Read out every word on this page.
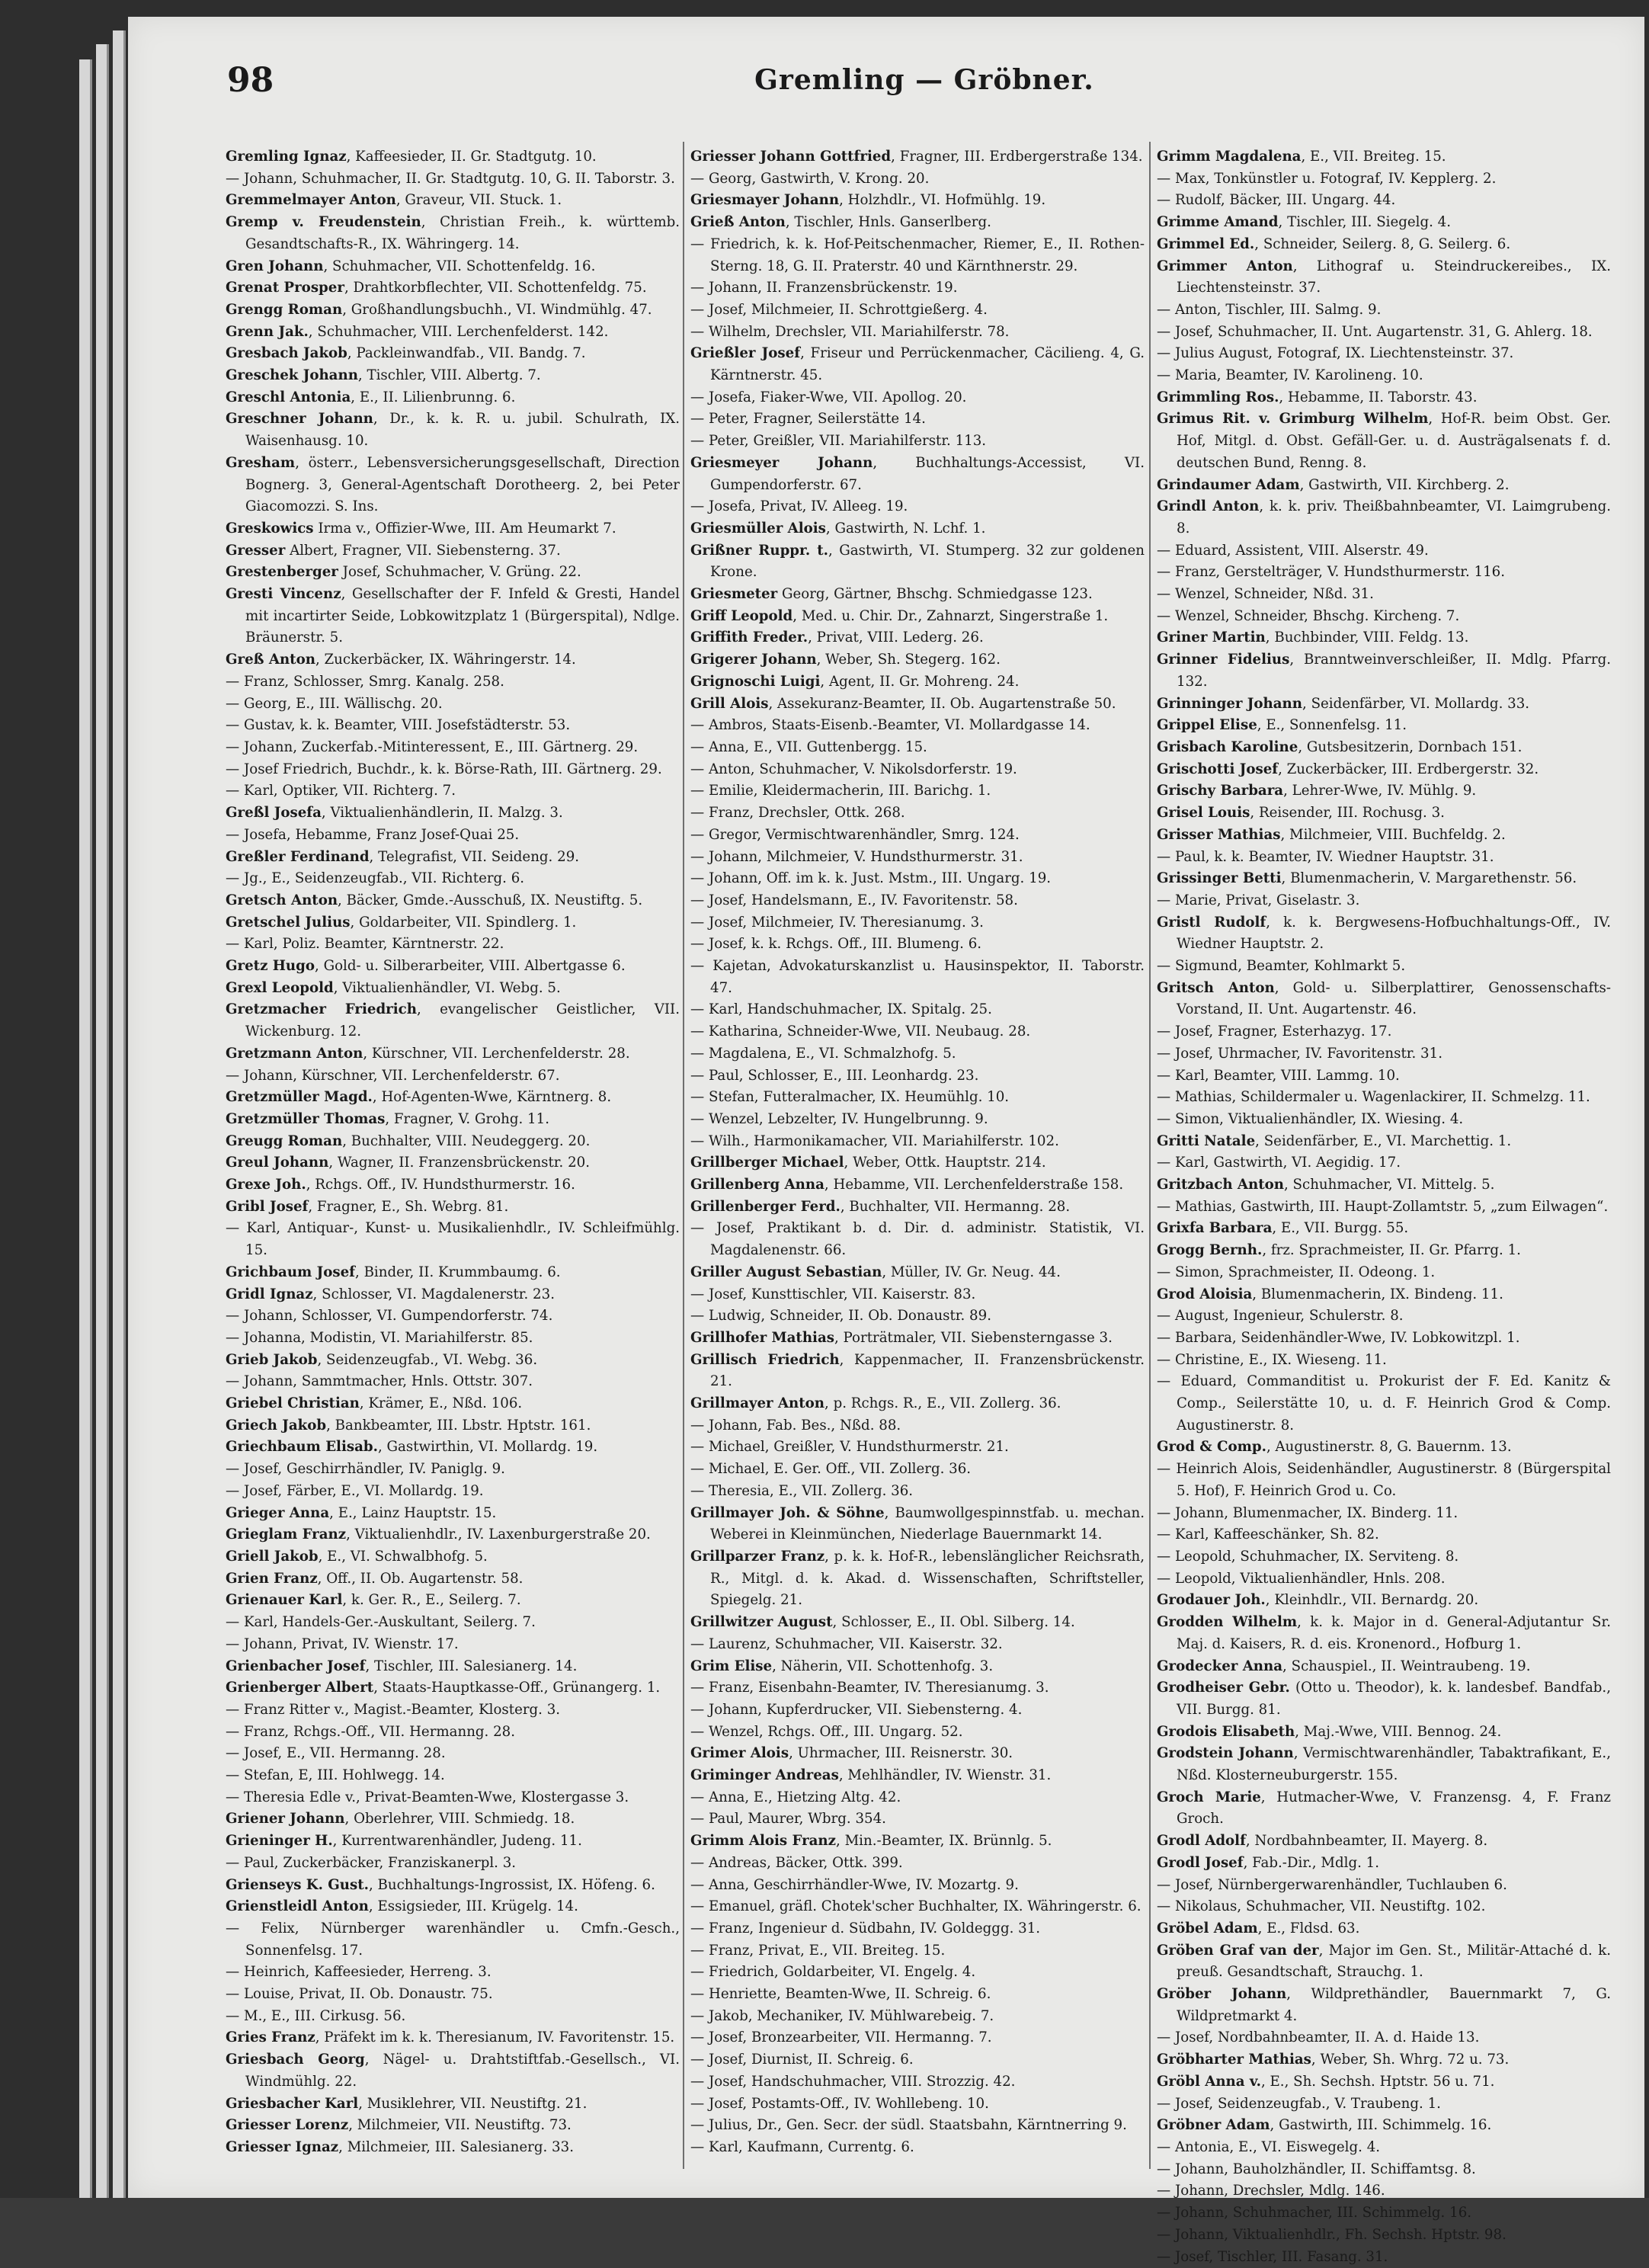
98	Gremling — Gröbner.

Gremling Ignaz, Kaffeesieder, II. Gr. Stadtgutg. 10.

— Johann, Schuhmacher, II. Gr. Stadtgutg. 10, G. II. Taborstr. 3.

Gremmelmayer Anton, Graveur, VII. Stuck. 1.

Gremp v. Freudenstein, Christian Freih., k. württemb. Gesandtschafts-R., IX. Währingerg. 14.

Gren Johann, Schuhmacher, VII. Schottenfeldg. 16.

Grenat Prosper, Drahtkorbflechter, VII. Schottenfeldg. 75.

Grengg Roman, Großhandlungsbuchh., VI. Windmühlg. 47.

Grenn Jak., Schuhmacher, VIII. Lerchenfelderst. 142.

Gresbach Jakob, Packleinwandfab., VII. Bandg. 7.

Greschek Johann, Tischler, VIII. Albertg. 7.

Greschl Antonia, E., II. Lilienbrunng. 6.

Greschner Johann, Dr., k. k. R. u. jubil. Schulrath, IX. Waisenhausg. 10.

Gresham, österr., Lebensversicherungsgesellschaft, Direction Bognerg. 3, General-Agentschaft Dorotheerg. 2, bei Peter Giacomozzi. S. Ins.

Greskowics Irma v., Offizier-Wwe, III. Am Heumarkt 7.

Gresser Albert, Fragner, VII. Siebensterng. 37.

Grestenberger Josef, Schuhmacher, V. Grüng. 22.

Gresti Vincenz, Gesellschafter der F. Infeld & Gresti, Handel mit incartirter Seide, Lobkowitzplatz 1 (Bürgerspital), Ndlge. Bräunerstr. 5.

Greß Anton, Zuckerbäcker, IX. Währingerstr. 14.

— Franz, Schlosser, Smrg. Kanalg. 258.

— Georg, E., III. Wällischg. 20.

— Gustav, k. k. Beamter, VIII. Josefstädterstr. 53.

— Johann, Zuckerfab.-Mitinteressent, E., III. Gärtnerg. 29.

— Josef Friedrich, Buchdr., k. k. Börse-Rath, III. Gärtnerg. 29.

— Karl, Optiker, VII. Richterg. 7.

Greßl Josefa, Viktualienhändlerin, II. Malzg. 3.

— Josefa, Hebamme, Franz Josef-Quai 25.

Greßler Ferdinand, Telegrafist, VII. Seideng. 29.

— Jg., E., Seidenzeugfab., VII. Richterg. 6.

Gretsch Anton, Bäcker, Gmde.-Ausschuß, IX. Neustiftg. 5.

Gretschel Julius, Goldarbeiter, VII. Spindlerg. 1.

— Karl, Poliz. Beamter, Kärntnerstr. 22.

Gretz Hugo, Gold- u. Silberarbeiter, VIII. Albertgasse 6.

Grexl Leopold, Viktualienhändler, VI. Webg. 5.

Gretzmacher Friedrich, evangelischer Geistlicher, VII. Wickenburg. 12.

Gretzmann Anton, Kürschner, VII. Lerchenfelderstr. 28.

— Johann, Kürschner, VII. Lerchenfelderstr. 67.

Gretzmüller Magd., Hof-Agenten-Wwe, Kärntnerg. 8.

Gretzmüller Thomas, Fragner, V. Grohg. 11.

Greugg Roman, Buchhalter, VIII. Neudeggerg. 20.

Greul Johann, Wagner, II. Franzensbrückenstr. 20.

Grexe Joh., Rchgs. Off., IV. Hundsthurmerstr. 16.

Gribl Josef, Fragner, E., Sh. Webrg. 81.

— Karl, Antiquar-, Kunst- u. Musikalienhdlr., IV. Schleifmühlg. 15.

Grichbaum Josef, Binder, II. Krummbaumg. 6.

Gridl Ignaz, Schlosser, VI. Magdalenerstr. 23.

— Johann, Schlosser, VI. Gumpendorferstr. 74.

— Johanna, Modistin, VI. Mariahilferstr. 85.

Grieb Jakob, Seidenzeugfab., VI. Webg. 36.

— Johann, Sammtmacher, Hnls. Ottstr. 307.

Griebel Christian, Krämer, E., Nßd. 106.

Griech Jakob, Bankbeamter, III. Lbstr. Hptstr. 161.

Griechbaum Elisab., Gastwirthin, VI. Mollardg. 19.

— Josef, Geschirrhändler, IV. Paniglg. 9.

— Josef, Färber, E., VI. Mollardg. 19.

Grieger Anna, E., Lainz Hauptstr. 15.

Grieglam Franz, Viktualienhdlr., IV. Laxenburgerstraße 20.

Griell Jakob, E., VI. Schwalbhofg. 5.

Grien Franz, Off., II. Ob. Augartenstr. 58.

Grienauer Karl, k. Ger. R., E., Seilerg. 7.

— Karl, Handels-Ger.-Auskultant, Seilerg. 7.

— Johann, Privat, IV. Wienstr. 17.

Grienbacher Josef, Tischler, III. Salesianerg. 14.

Grienberger Albert, Staats-Hauptkasse-Off., Grünangerg. 1.

— Franz Ritter v., Magist.-Beamter, Klosterg. 3.

— Franz, Rchgs.-Off., VII. Hermanng. 28.

— Josef, E., VII. Hermanng. 28.

— Stefan, E, III. Hohlwegg. 14.

— Theresia Edle v., Privat-Beamten-Wwe, Klostergasse 3.

Griener Johann, Oberlehrer, VIII. Schmiedg. 18.

Grieninger H., Kurrentwarenhändler, Judeng. 11.

— Paul, Zuckerbäcker, Franziskanerpl. 3.

Grienseys K. Gust., Buchhaltungs-Ingrossist, IX. Höfeng. 6.

Grienstleidl Anton, Essigsieder, III. Krügelg. 14.

— Felix, Nürnberger warenhändler u. Cmfn.-Gesch., Sonnenfelsg. 17.

— Heinrich, Kaffeesieder, Herreng. 3.

— Louise, Privat, II. Ob. Donaustr. 75.

— M., E., III. Cirkusg. 56.

Gries Franz, Präfekt im k. k. Theresianum, IV. Favoritenstr. 15.

Griesbach Georg, Nägel- u. Drahtstiftfab.-Gesellsch., VI. Windmühlg. 22.

Griesbacher Karl, Musiklehrer, VII. Neustiftg. 21.

Griesser Lorenz, Milchmeier, VII. Neustiftg. 73.

Griesser Ignaz, Milchmeier, III. Salesianerg. 33.

Griesser Johann Gottfried, Fragner, III. Erdbergerstraße 134.

— Georg, Gastwirth, V. Krong. 20.

Griesmayer Johann, Holzhdlr., VI. Hofmühlg. 19.

Grieß Anton, Tischler, Hnls. Ganserlberg.

— Friedrich, k. k. Hof-Peitschenmacher, Riemer, E., II. Rothen-Sterng. 18, G. II. Praterstr. 40 und Kärnthnerstr. 29.

— Johann, II. Franzensbrückenstr. 19.

— Josef, Milchmeier, II. Schrottgießerg. 4.

— Wilhelm, Drechsler, VII. Mariahilferstr. 78.

Grießler Josef, Friseur und Perrückenmacher, Cäcilieng. 4, G. Kärntnerstr. 45.

— Josefa, Fiaker-Wwe, VII. Apollog. 20.

— Peter, Fragner, Seilerstätte 14.

— Peter, Greißler, VII. Mariahilferstr. 113.

Griesmeyer Johann, Buchhaltungs-Accessist, VI. Gumpendorferstr. 67.

— Josefa, Privat, IV. Alleeg. 19.

Griesmüller Alois, Gastwirth, N. Lchf. 1.

Grißner Ruppr. t., Gastwirth, VI. Stumperg. 32 zur goldenen Krone.

Griesmeter Georg, Gärtner, Bhschg. Schmiedgasse 123.

Griff Leopold, Med. u. Chir. Dr., Zahnarzt, Singerstraße 1.

Griffith Freder., Privat, VIII. Lederg. 26.

Grigerer Johann, Weber, Sh. Stegerg. 162.

Grignoschi Luigi, Agent, II. Gr. Mohreng. 24.

Grill Alois, Assekuranz-Beamter, II. Ob. Augartenstraße 50.

— Ambros, Staats-Eisenb.-Beamter, VI. Mollardgasse 14.

— Anna, E., VII. Guttenbergg. 15.

— Anton, Schuhmacher, V. Nikolsdorferstr. 19.

— Emilie, Kleidermacherin, III. Barichg. 1.

— Franz, Drechsler, Ottk. 268.

— Gregor, Vermischtwarenhändler, Smrg. 124.

— Johann, Milchmeier, V. Hundsthurmerstr. 31.

— Johann, Off. im k. k. Just. Mstm., III. Ungarg. 19.

— Josef, Handelsmann, E., IV. Favoritenstr. 58.

— Josef, Milchmeier, IV. Theresianumg. 3.

— Josef, k. k. Rchgs. Off., III. Blumeng. 6.

— Kajetan, Advokaturskanzlist u. Hausinspektor, II. Taborstr. 47.

— Karl, Handschuhmacher, IX. Spitalg. 25.

— Katharina, Schneider-Wwe, VII. Neubaug. 28.

— Magdalena, E., VI. Schmalzhofg. 5.

— Paul, Schlosser, E., III. Leonhardg. 23.

— Stefan, Futteralmacher, IX. Heumühlg. 10.

— Wenzel, Lebzelter, IV. Hungelbrunng. 9.

— Wilh., Harmonikamacher, VII. Mariahilferstr. 102.

Grillberger Michael, Weber, Ottk. Hauptstr. 214.

Grillenberg Anna, Hebamme, VII. Lerchenfelderstraße 158.

Grillenberger Ferd., Buchhalter, VII. Hermanng. 28.

— Josef, Praktikant b. d. Dir. d. administr. Statistik, VI. Magdalenenstr. 66.

Griller August Sebastian, Müller, IV. Gr. Neug. 44.

— Josef, Kunsttischler, VII. Kaiserstr. 83.

— Ludwig, Schneider, II. Ob. Donaustr. 89.

Grillhofer Mathias, Porträtmaler, VII. Siebensterngasse 3.

Grillisch Friedrich, Kappenmacher, II. Franzensbrückenstr. 21.

Grillmayer Anton, p. Rchgs. R., E., VII. Zollerg. 36.

— Johann, Fab. Bes., Nßd. 88.

— Michael, Greißler, V. Hundsthurmerstr. 21.

— Michael, E. Ger. Off., VII. Zollerg. 36.

— Theresia, E., VII. Zollerg. 36.

Grillmayer Joh. & Söhne, Baumwollgespinnstfab. u. mechan. Weberei in Kleinmünchen, Niederlage Bauernmarkt 14.

Grillparzer Franz, p. k. k. Hof-R., lebenslänglicher Reichsrath, R., Mitgl. d. k. Akad. d. Wissenschaften, Schriftsteller, Spiegelg. 21.

Grillwitzer August, Schlosser, E., II. Obl. Silberg. 14.

— Laurenz, Schuhmacher, VII. Kaiserstr. 32.

Grim Elise, Näherin, VII. Schottenhofg. 3.

— Franz, Eisenbahn-Beamter, IV. Theresianumg. 3.

— Johann, Kupferdrucker, VII. Siebensterng. 4.

— Wenzel, Rchgs. Off., III. Ungarg. 52.

Grimer Alois, Uhrmacher, III. Reisnerstr. 30.

Griminger Andreas, Mehlhändler, IV. Wienstr. 31.

— Anna, E., Hietzing Altg. 42.

— Paul, Maurer, Wbrg. 354.

Grimm Alois Franz, Min.-Beamter, IX. Brünnlg. 5.

— Andreas, Bäcker, Ottk. 399.

— Anna, Geschirrhändler-Wwe, IV. Mozartg. 9.

— Emanuel, gräfl. Chotek'scher Buchhalter, IX. Währingerstr. 6.

— Franz, Ingenieur d. Südbahn, IV. Goldeggg. 31.

— Franz, Privat, E., VII. Breiteg. 15.

— Friedrich, Goldarbeiter, VI. Engelg. 4.

— Henriette, Beamten-Wwe, II. Schreig. 6.

— Jakob, Mechaniker, IV. Mühlwarebeig. 7.

— Josef, Bronzearbeiter, VII. Hermanng. 7.

— Josef, Diurnist, II. Schreig. 6.

— Josef, Handschuhmacher, VIII. Strozzig. 42.

— Josef, Postamts-Off., IV. Wohllebeng. 10.

— Julius, Dr., Gen. Secr. der südl. Staatsbahn, Kärntnerring 9.

— Karl, Kaufmann, Currentg. 6.

Grimm Magdalena, E., VII. Breiteg. 15.

— Max, Tonkünstler u. Fotograf, IV. Kepplerg. 2.

— Rudolf, Bäcker, III. Ungarg. 44.

Grimme Amand, Tischler, III. Siegelg. 4.

Grimmel Ed., Schneider, Seilerg. 8, G. Seilerg. 6.

Grimmer Anton, Lithograf u. Steindruckereibes., IX. Liechtensteinstr. 37.

— Anton, Tischler, III. Salmg. 9.

— Josef, Schuhmacher, II. Unt. Augartenstr. 31, G. Ahlerg. 18.

— Julius August, Fotograf, IX. Liechtensteinstr. 37.

— Maria, Beamter, IV. Karolineng. 10.

Grimmling Ros., Hebamme, II. Taborstr. 43.

Grimus Rit. v. Grimburg Wilhelm, Hof-R. beim Obst. Ger. Hof, Mitgl. d. Obst. Gefäll-Ger. u. d. Austrägalsenats f. d. deutschen Bund, Renng. 8.

Grindaumer Adam, Gastwirth, VII. Kirchberg. 2.

Grindl Anton, k. k. priv. Theißbahnbeamter, VI. Laimgrubeng. 8.

— Eduard, Assistent, VIII. Alserstr. 49.

— Franz, Gerstelträger, V. Hundsthurmerstr. 116.

— Wenzel, Schneider, Nßd. 31.

— Wenzel, Schneider, Bhschg. Kircheng. 7.

Griner Martin, Buchbinder, VIII. Feldg. 13.

Grinner Fidelius, Branntweinverschleißer, II. Mdlg. Pfarrg. 132.

Grinninger Johann, Seidenfärber, VI. Mollardg. 33.

Grippel Elise, E., Sonnenfelsg. 11.

Grisbach Karoline, Gutsbesitzerin, Dornbach 151.

Grischotti Josef, Zuckerbäcker, III. Erdbergerstr. 32.

Grischy Barbara, Lehrer-Wwe, IV. Mühlg. 9.

Grisel Louis, Reisender, III. Rochusg. 3.

Grisser Mathias, Milchmeier, VIII. Buchfeldg. 2.

— Paul, k. k. Beamter, IV. Wiedner Hauptstr. 31.

Grissinger Betti, Blumenmacherin, V. Margarethenstr. 56.

— Marie, Privat, Giselastr. 3.

Gristl Rudolf, k. k. Bergwesens-Hofbuchhaltungs-Off., IV. Wiedner Hauptstr. 2.

— Sigmund, Beamter, Kohlmarkt 5.

Gritsch Anton, Gold- u. Silberplattirer, Genossenschafts-Vorstand, II. Unt. Augartenstr. 46.

— Josef, Fragner, Esterhazyg. 17.

— Josef, Uhrmacher, IV. Favoritenstr. 31.

— Karl, Beamter, VIII. Lammg. 10.

— Mathias, Schildermaler u. Wagenlackirer, II. Schmelzg. 11.

— Simon, Viktualienhändler, IX. Wiesing. 4.

Gritti Natale, Seidenfärber, E., VI. Marchettig. 1.

— Karl, Gastwirth, VI. Aegidig. 17.

Gritzbach Anton, Schuhmacher, VI. Mittelg. 5.

— Mathias, Gastwirth, III. Haupt-Zollamtstr. 5, „zum Eilwagen“.

Grixfa Barbara, E., VII. Burgg. 55.

Grogg Bernh., frz. Sprachmeister, II. Gr. Pfarrg. 1.

— Simon, Sprachmeister, II. Odeong. 1.

Grod Aloisia, Blumenmacherin, IX. Bindeng. 11.

— August, Ingenieur, Schulerstr. 8.

— Barbara, Seidenhändler-Wwe, IV. Lobkowitzpl. 1.

— Christine, E., IX. Wieseng. 11.

— Eduard, Commanditist u. Prokurist der F. Ed. Kanitz & Comp., Seilerstätte 10, u. d. F. Heinrich Grod & Comp. Augustinerstr. 8.

Grod & Comp., Augustinerstr. 8, G. Bauernm. 13.

— Heinrich Alois, Seidenhändler, Augustinerstr. 8 (Bürgerspital 5. Hof), F. Heinrich Grod u. Co.

— Johann, Blumenmacher, IX. Binderg. 11.

— Karl, Kaffeeschänker, Sh. 82.

— Leopold, Schuhmacher, IX. Serviteng. 8.

— Leopold, Viktualienhändler, Hnls. 208.

Grodauer Joh., Kleinhdlr., VII. Bernardg. 20.

Grodden Wilhelm, k. k. Major in d. General-Adjutantur Sr. Maj. d. Kaisers, R. d. eis. Kronenord., Hofburg 1.

Grodecker Anna, Schauspiel., II. Weintraubeng. 19.

Grodheiser Gebr. (Otto u. Theodor), k. k. landesbef. Bandfab., VII. Burgg. 81.

Grodois Elisabeth, Maj.-Wwe, VIII. Bennog. 24.

Grodstein Johann, Vermischtwarenhändler, Tabaktrafikant, E., Nßd. Klosterneuburgerstr. 155.

Groch Marie, Hutmacher-Wwe, V. Franzensg. 4, F. Franz Groch.

Grodl Adolf, Nordbahnbeamter, II. Mayerg. 8.

Grodl Josef, Fab.-Dir., Mdlg. 1.

— Josef, Nürnbergerwarenhändler, Tuchlauben 6.

— Nikolaus, Schuhmacher, VII. Neustiftg. 102.

Gröbel Adam, E., Fldsd. 63.

Gröben Graf van der, Major im Gen. St., Militär-Attaché d. k. preuß. Gesandtschaft, Strauchg. 1.

Gröber Johann, Wildprethändler, Bauernmarkt 7, G. Wildpretmarkt 4.

— Josef, Nordbahnbeamter, II. A. d. Haide 13.

Gröbharter Mathias, Weber, Sh. Whrg. 72 u. 73.

Gröbl Anna v., E., Sh. Sechsh. Hptstr. 56 u. 71.

— Josef, Seidenzeugfab., V. Traubeng. 1.

Gröbner Adam, Gastwirth, III. Schimmelg. 16.

— Antonia, E., VI. Eiswegelg. 4.

— Johann, Bauholzhändler, II. Schiffamtsg. 8.

— Johann, Drechsler, Mdlg. 146.

— Johann, Schuhmacher, III. Schimmelg. 16.

— Johann, Viktualienhdlr., Fh. Sechsh. Hptstr. 98.

— Josef, Tischler, III. Fasang. 31.
